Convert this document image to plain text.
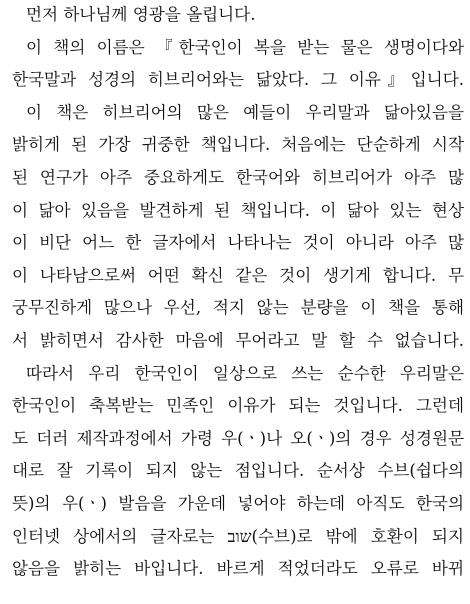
먼저 하나님께 영광을 올립니다.
이 책의 이름은 『한국인이 복을 받는 물은 생명이다와
한국말과 성경의 히브리어와는 닮았다. 그 이유』입니다.
이 책은 히브리어의 많은 예들이 우리말과 닮아있음을
밝히게 된 가장 귀중한 책입니다. 처음에는 단순하게 시작
된 연구가 아주 중요하게도 한국어와 히브리어가 아주 많
이 닮아 있음을 발견하게 된 책입니다. 이 닮아 있는 현상
이 비단 어느 한 글자에서 나타나는 것이 아니라 아주 많
이 나타남으로써 어떤 확신 같은 것이 생기게 합니다. 무
궁무진하게 많으나 우선, 적지 않는 분량을 이 책을 통해
서 밝히면서 감사한 마음에 무어라고 말 할 수 없습니다.
따라서 우리 한국인이 일상으로 쓰는 순수한 우리말은
한국인이 축복받는 민족인 이유가 되는 것입니다. 그런데
도 더러 제작과정에서 가령 우(ㆍ)나 오(ㆍ)의 경우 성경원문
대로 잘 기록이 되지 않는 점입니다. 순서상 수브(쉽다의
뜻)의 우(ㆍ) 발음을 가운데 넣어야 하는데 아직도 한국의
인터넷 상에서의 글자로는 שוב(수브)로 밖에 호환이 되지
않음을 밝히는 바입니다. 바르게 적었더라도 오류로 바뀌
